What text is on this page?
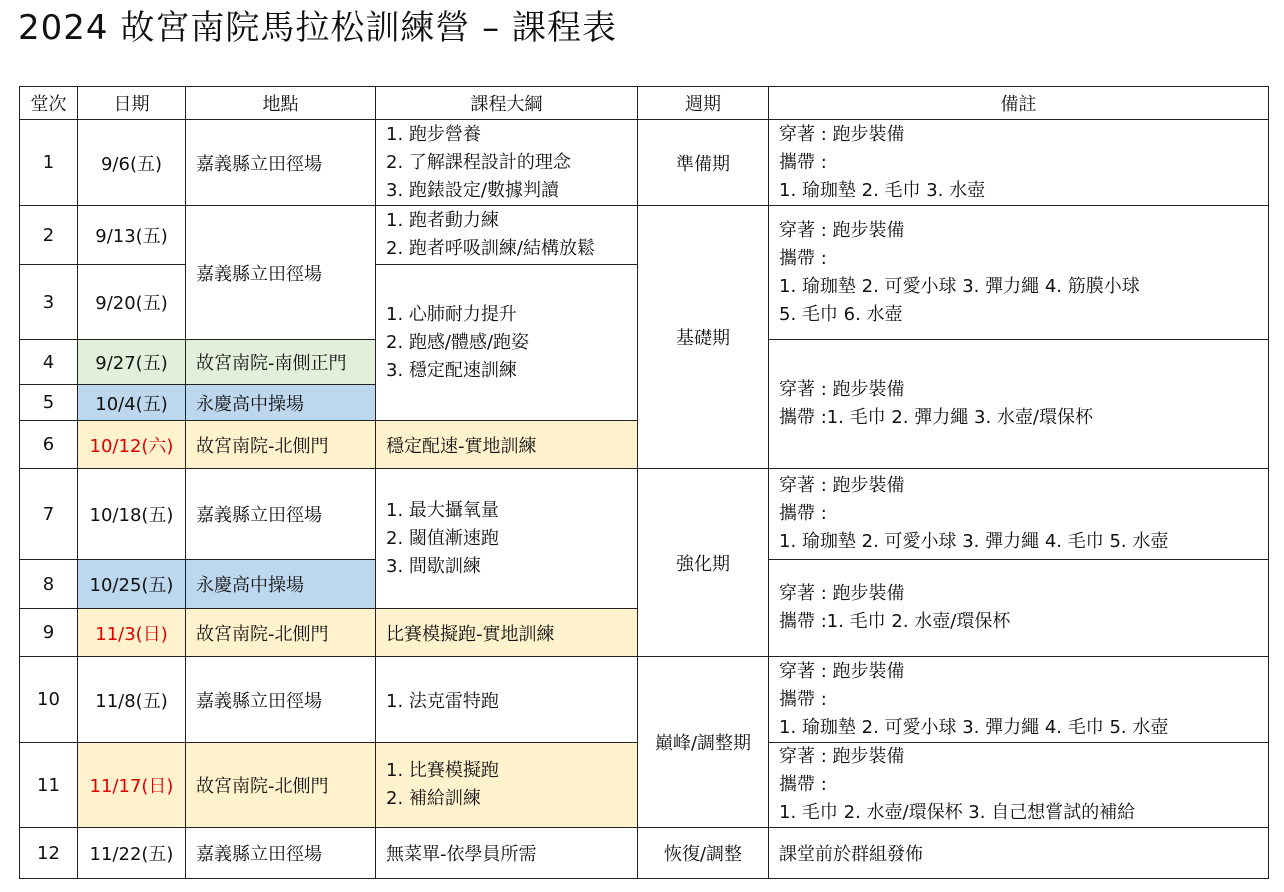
2024 故宮南院馬拉松訓練營 – 課程表
堂次	日期	地點	課程大綱	週期	備註
1	9/6(五)	嘉義縣立田徑場	1. 跑步營養
2. 了解課程設計的理念
3. 跑錶設定/數據判讀	準備期	穿著 : 跑步裝備
攜帶 :
1. 瑜珈墊 2. 毛巾 3. 水壺

2	9/13(五)	嘉義縣立田徑場	1. 跑者動力練
2. 跑者呼吸訓練/結構放鬆	基礎期	穿著 : 跑步裝備
攜帶 :
1. 瑜珈墊 2. 可愛小球 3. 彈力繩 4. 筋膜小球
5. 毛巾 6. 水壺

3	9/20(五)		1. 心肺耐力提升
2. 跑感/體感/跑姿
3. 穩定配速訓練		

4	9/27(五)	故宮南院-南側正門			穿著 : 跑步裝備
攜帶 :1. 毛巾 2. 彈力繩 3. 水壺/環保杯

5	10/4(五)	永慶高中操場			
6	10/12(六)	故宮南院-北側門	穩定配速-實地訓練		
7	10/18(五)	嘉義縣立田徑場	1. 最大攝氧量
2. 閾值漸速跑
3. 間歇訓練	強化期	穿著 : 跑步裝備
攜帶 :
1. 瑜珈墊 2. 可愛小球 3. 彈力繩 4. 毛巾 5. 水壺

8	10/25(五)	永慶高中操場			穿著 : 跑步裝備
攜帶 :1. 毛巾 2. 水壺/環保杯

9	11/3(日)	故宮南院-北側門	比賽模擬跑-實地訓練		
10	11/8(五)	嘉義縣立田徑場	1. 法克雷特跑	巔峰/調整期	穿著 : 跑步裝備
攜帶 :
1. 瑜珈墊 2. 可愛小球 3. 彈力繩 4. 毛巾 5. 水壺

11	11/17(日)	故宮南院-北側門	1. 比賽模擬跑
2. 補給訓練		穿著 : 跑步裝備
攜帶 :
1. 毛巾 2. 水壺/環保杯 3. 自己想嘗試的補給

12	11/22(五)	嘉義縣立田徑場	無菜單-依學員所需	恢復/調整	課堂前於群組發佈
